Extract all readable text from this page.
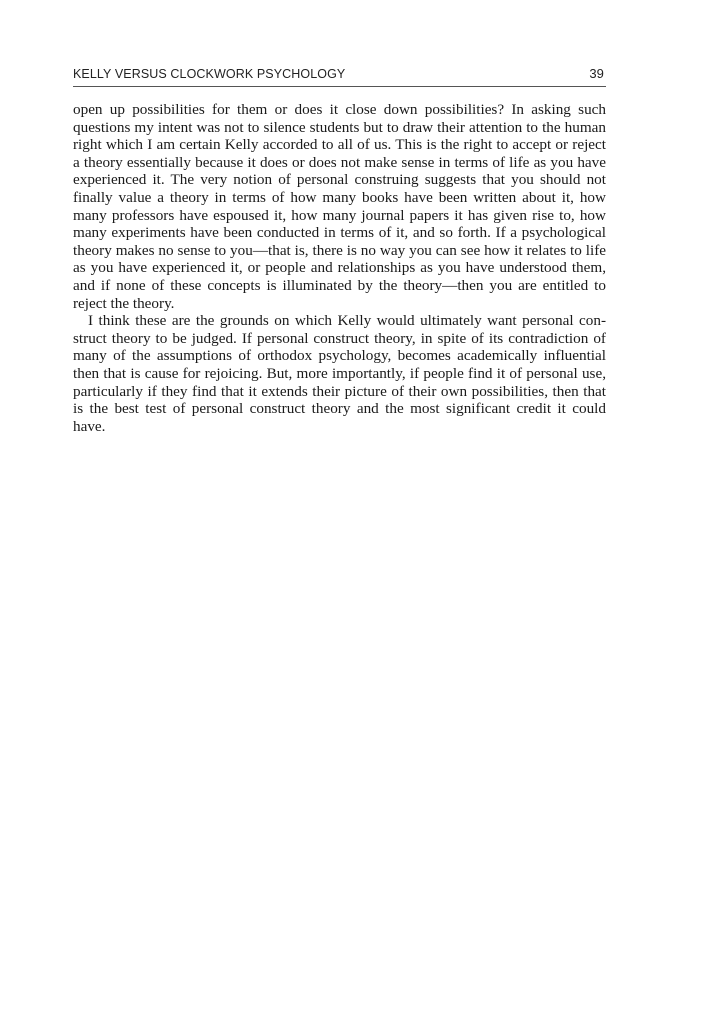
KELLY VERSUS CLOCKWORK PSYCHOLOGY	39

open up possibilities for them or does it close down possibilities? In asking such questions my intent was not to silence students but to draw their attention to the human right which I am certain Kelly accorded to all of us. This is the right to accept or reject a theory essentially because it does or does not make sense in terms of life as you have experienced it. The very notion of personal construing suggests that you should not finally value a theory in terms of how many books have been written about it, how many professors have espoused it, how many journal papers it has given rise to, how many experiments have been conducted in terms of it, and so forth. If a psychological theory makes no sense to you—that is, there is no way you can see how it relates to life as you have experienced it, or people and relationships as you have understood them, and if none of these concepts is illuminated by the theory—then you are entitled to reject the theory.

I think these are the grounds on which Kelly would ultimately want personal construct theory to be judged. If personal construct theory, in spite of its contradiction of many of the assumptions of orthodox psychology, becomes academically influential then that is cause for rejoicing. But, more importantly, if people find it of personal use, particularly if they find that it extends their picture of their own possibilities, then that is the best test of personal construct theory and the most significant credit it could have.
